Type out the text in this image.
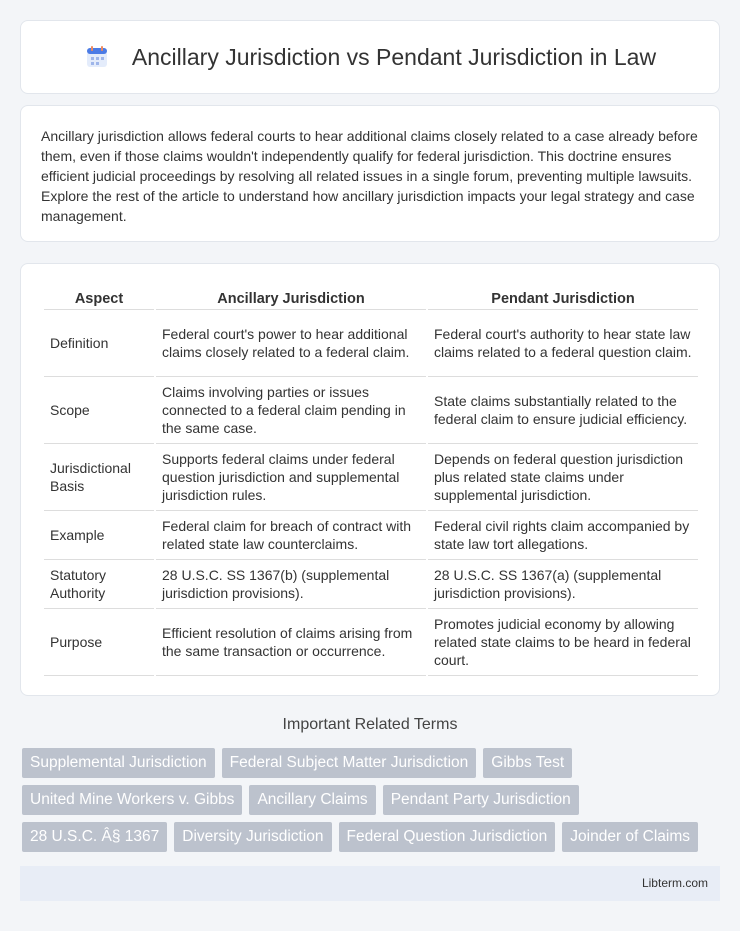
Ancillary Jurisdiction vs Pendant Jurisdiction in Law

Ancillary jurisdiction allows federal courts to hear additional claims closely related to a case already before them, even if those claims wouldn't independently qualify for federal jurisdiction. This doctrine ensures efficient judicial proceedings by resolving all related issues in a single forum, preventing multiple lawsuits. Explore the rest of the article to understand how ancillary jurisdiction impacts your legal strategy and case management.

Aspect	Ancillary Jurisdiction	Pendant Jurisdiction
Definition	Federal court's power to hear additional claims closely related to a federal claim.	Federal court's authority to hear state law claims related to a federal question claim.
Scope	Claims involving parties or issues connected to a federal claim pending in the same case.	State claims substantially related to the federal claim to ensure judicial efficiency.
Jurisdictional Basis	Supports federal claims under federal question jurisdiction and supplemental jurisdiction rules.	Depends on federal question jurisdiction plus related state claims under supplemental jurisdiction.
Example	Federal claim for breach of contract with related state law counterclaims.	Federal civil rights claim accompanied by state law tort allegations.
Statutory Authority	28 U.S.C. SS 1367(b) (supplemental jurisdiction provisions).	28 U.S.C. SS 1367(a) (supplemental jurisdiction provisions).
Purpose	Efficient resolution of claims arising from the same transaction or occurrence.	Promotes judicial economy by allowing related state claims to be heard in federal court.
Important Related Terms
Supplemental Jurisdiction	Federal Subject Matter Jurisdiction	Gibbs Test
United Mine Workers v. Gibbs	Ancillary Claims	Pendant Party Jurisdiction
28 U.S.C. Â§ 1367	Diversity Jurisdiction	Federal Question Jurisdiction	Joinder of Claims
Libterm.com
